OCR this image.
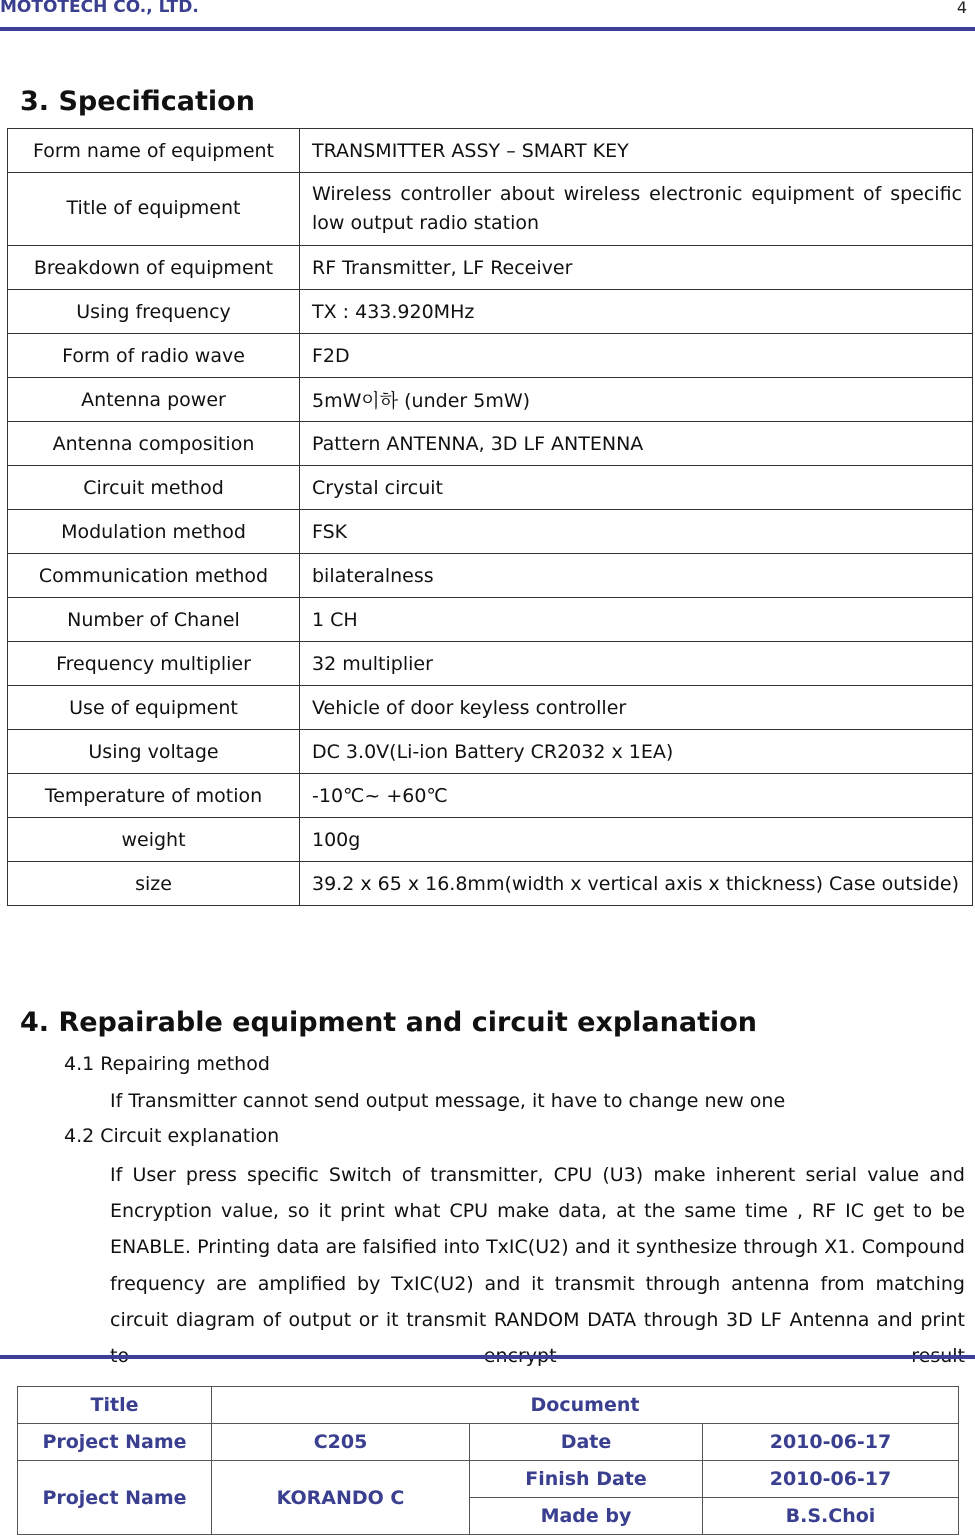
MOTOTECH CO., LTD.	4
3. Specification
Form name of equipment	TRANSMITTER ASSY – SMART KEY
Title of equipment	Wireless controller about wireless electronic equipment of specific low output radio station
Breakdown of equipment	RF Transmitter, LF Receiver
Using frequency	TX : 433.920MHz
Form of radio wave	F2D
Antenna power	5mW이하 (under 5mW)
Antenna composition	Pattern ANTENNA, 3D LF ANTENNA
Circuit method	Crystal circuit
Modulation method	FSK
Communication method	bilateralness
Number of Chanel	1 CH
Frequency multiplier	32 multiplier
Use of equipment	Vehicle of door keyless controller
Using voltage	DC 3.0V(Li-ion Battery CR2032 x 1EA)
Temperature of motion	-10℃~ +60℃
weight	100g
size	39.2 x 65 x 16.8mm(width x vertical axis x thickness) Case outside)
4. Repairable equipment and circuit explanation
4.1 Repairing method
If Transmitter cannot send output message, it have to change new one
4.2 Circuit explanation
If User press specific Switch of transmitter, CPU (U3) make inherent serial value and Encryption value, so it print what CPU make data, at the same time , RF IC get to be ENABLE. Printing data are falsified into TxIC(U2) and it synthesize through X1. Compound frequency are amplified by TxIC(U2) and it transmit through antenna from matching circuit diagram of output or it transmit RANDOM DATA through 3D LF Antenna and print
Title	Document		
Project Name	C205	Date	2010-06-17
Project Name	KORANDO C	Finish Date	2010-06-17
		Made by	B.S.Choi
